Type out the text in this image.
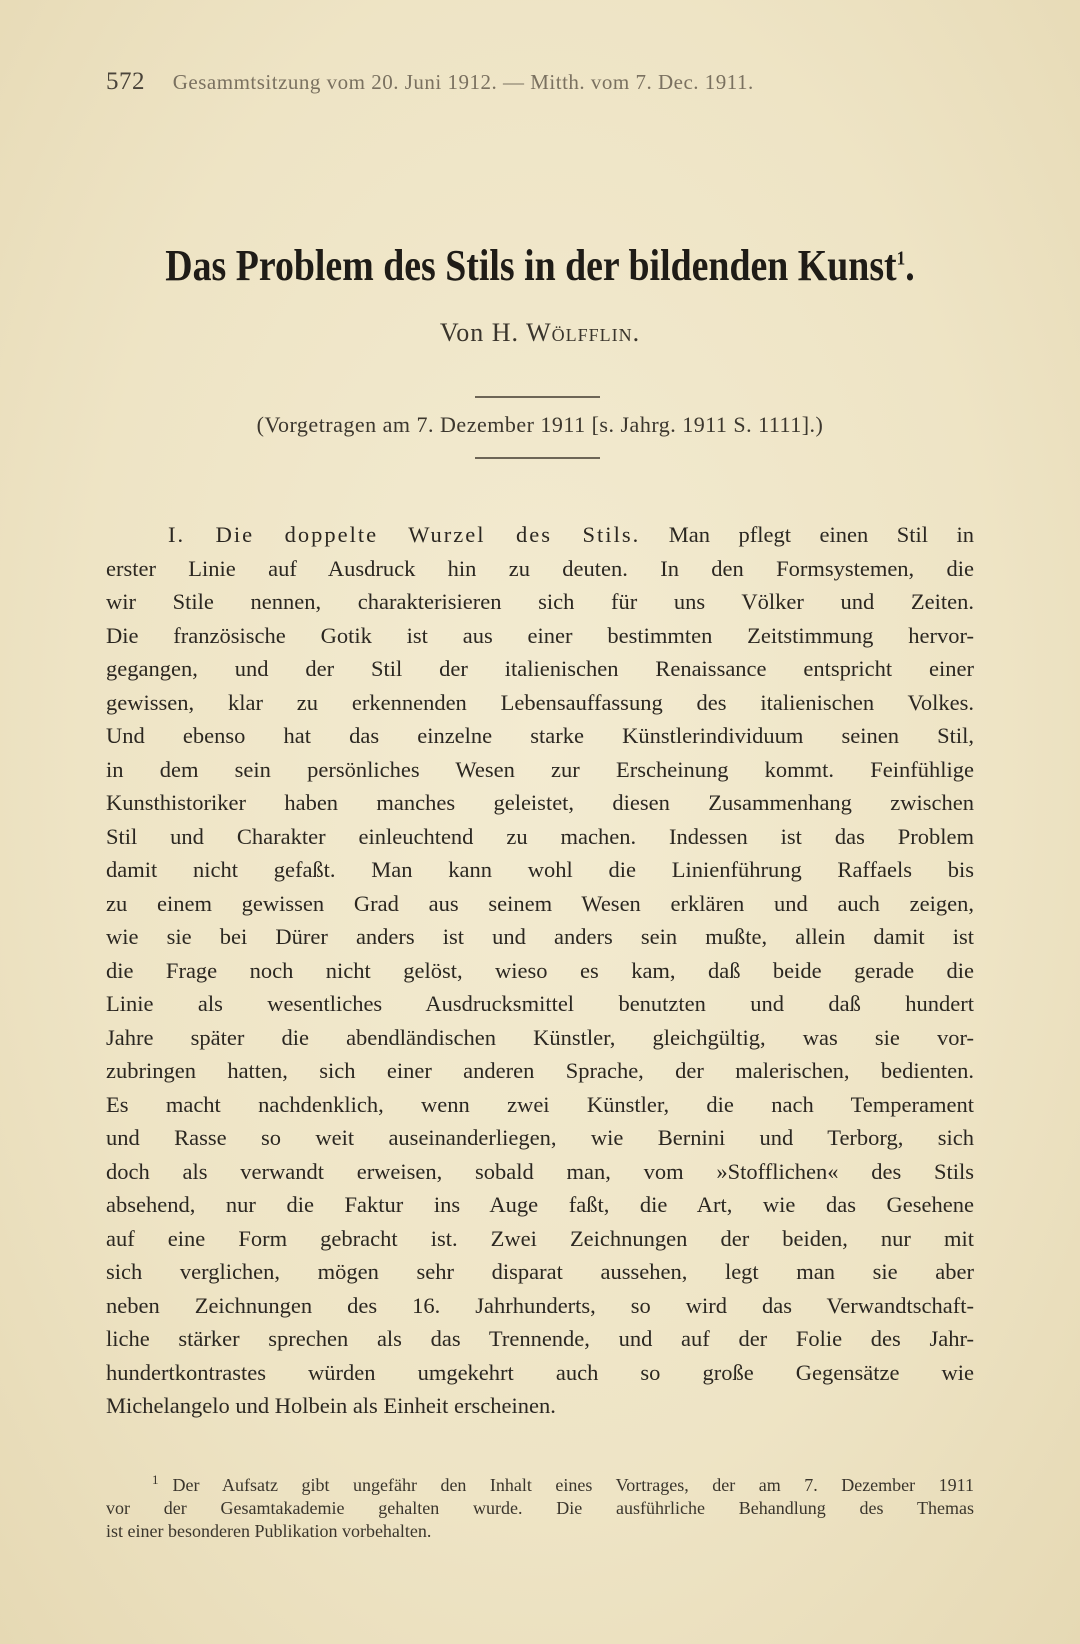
572 Gesammtsitzung vom 20. Juni 1912. — Mitth. vom 7. Dec. 1911.
Das Problem des Stils in der bildenden Kunst$^1$.
Von H. Wölfflin.
(Vorgetragen am 7. Dezember 1911 [s. Jahrg. 1911 S. 1111].)
I. Die doppelte Wurzel des Stils. Man pflegt einen Stil in
erster Linie auf Ausdruck hin zu deuten. In den Formsystemen, die
wir Stile nennen, charakterisieren sich für uns Völker und Zeiten.
Die französische Gotik ist aus einer bestimmten Zeitstimmung hervor-
gegangen, und der Stil der italienischen Renaissance entspricht einer
gewissen, klar zu erkennenden Lebensauffassung des italienischen Volkes.
Und ebenso hat das einzelne starke Künstlerindividuum seinen Stil,
in dem sein persönliches Wesen zur Erscheinung kommt. Feinfühlige
Kunsthistoriker haben manches geleistet, diesen Zusammenhang zwischen
Stil und Charakter einleuchtend zu machen. Indessen ist das Problem
damit nicht gefaßt. Man kann wohl die Linienführung Raffaels bis
zu einem gewissen Grad aus seinem Wesen erklären und auch zeigen,
wie sie bei Dürer anders ist und anders sein mußte, allein damit ist
die Frage noch nicht gelöst, wieso es kam, daß beide gerade die
Linie als wesentliches Ausdrucksmittel benutzten und daß hundert
Jahre später die abendländischen Künstler, gleichgültig, was sie vor-
zubringen hatten, sich einer anderen Sprache, der malerischen, bedienten.
Es macht nachdenklich, wenn zwei Künstler, die nach Temperament
und Rasse so weit auseinanderliegen, wie Bernini und Terborg, sich
doch als verwandt erweisen, sobald man, vom »Stofflichen« des Stils
absehend, nur die Faktur ins Auge faßt, die Art, wie das Gesehene
auf eine Form gebracht ist. Zwei Zeichnungen der beiden, nur mit
sich verglichen, mögen sehr disparat aussehen, legt man sie aber
neben Zeichnungen des 16. Jahrhunderts, so wird das Verwandtschaft-
liche stärker sprechen als das Trennende, und auf der Folie des Jahr-
hundertkontrastes würden umgekehrt auch so große Gegensätze wie
Michelangelo und Holbein als Einheit erscheinen.
$^1$ Der Aufsatz gibt ungefähr den Inhalt eines Vortrages, der am 7. Dezember 1911
vor der Gesamtakademie gehalten wurde. Die ausführliche Behandlung des Themas
ist einer besonderen Publikation vorbehalten.
